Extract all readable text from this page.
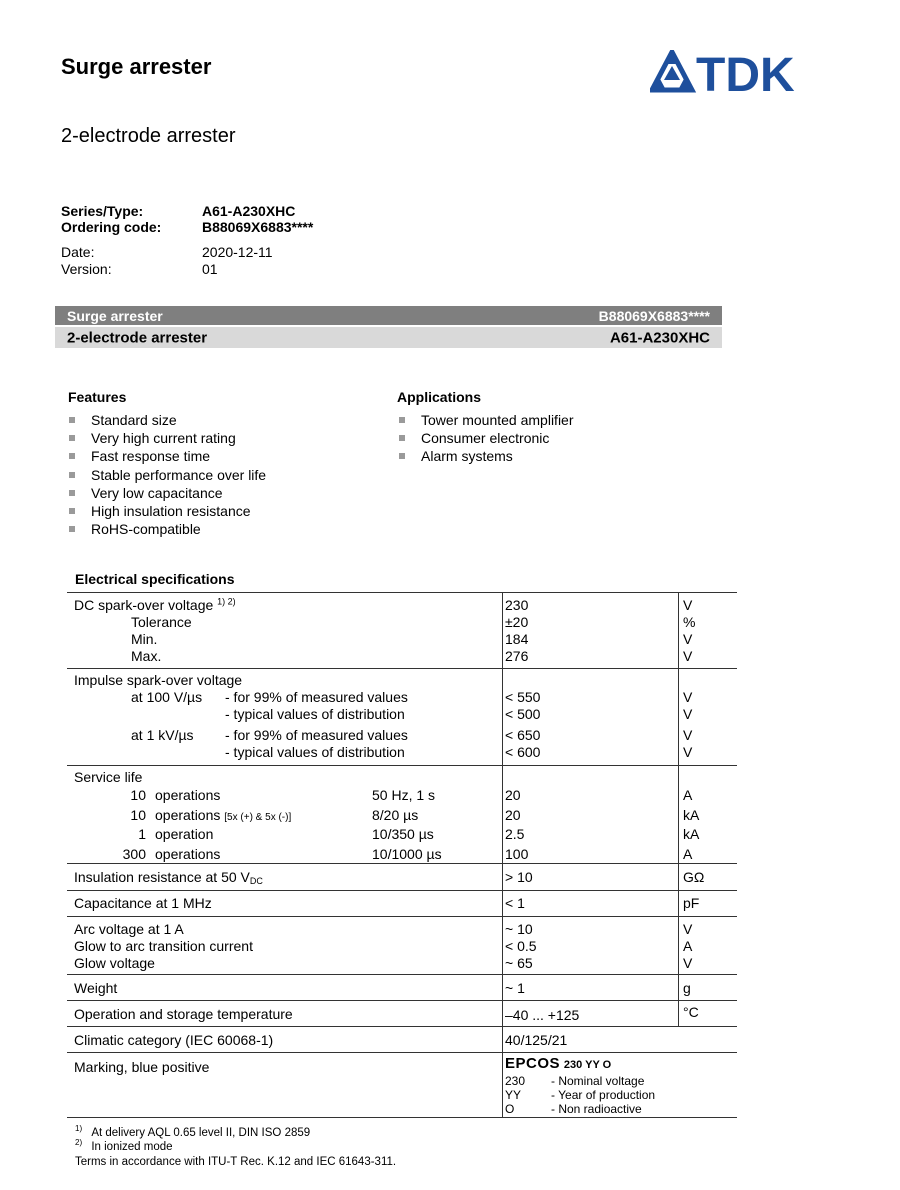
Surge arrester
2-electrode arrester
TDK
Series/Type:	A61-A230XHC
Ordering code:	B88069X6883****
Date:	2020-12-11
Version:	01
Surge arrester	B88069X6883****
2-electrode arrester	A61-A230XHC
Features
Standard size
Very high current rating
Fast response time
Stable performance over life
Very low capacitance
High insulation resistance
RoHS-compatible
Applications
Tower mounted amplifier
Consumer electronic
Alarm systems
Electrical specifications
DC spark-over voltage $^{1) 2)}$	230	V
Tolerance	±20	%
Min.	184	V
Max.	276	V
Impulse spark-over voltage
at 100 V/µs - for 99% of measured values	< 550	V
- typical values of distribution	< 500	V
at 1 kV/µs - for 99% of measured values	< 650	V
- typical values of distribution	< 600	V
Service life
10 operations	50 Hz, 1 s	20	A
10 operations [5x (+) & 5x (-)]	8/20 µs	20	kA
1 operation	10/350 µs	2.5	kA
300 operations	10/1000 µs	100	A
Insulation resistance at 50 $V_{DC}$	> 10	GΩ
Capacitance at 1 MHz	< 1	pF
Arc voltage at 1 A	~ 10	V
Glow to arc transition current	< 0.5	A
Glow voltage	~ 65	V
Weight	~ 1	g
Operation and storage temperature	–40 ... +125	°C
Climatic category (IEC 60068-1)	40/125/21
Marking, blue positive	EPCOS 230 YY O
230 - Nominal voltage
YY - Year of production
O	- Non radioactive
$^{1)}$ At delivery AQL 0.65 level II, DIN ISO 2859
$^{2)}$ In ionized mode
Terms in accordance with ITU-T Rec. K.12 and IEC 61643-311.
